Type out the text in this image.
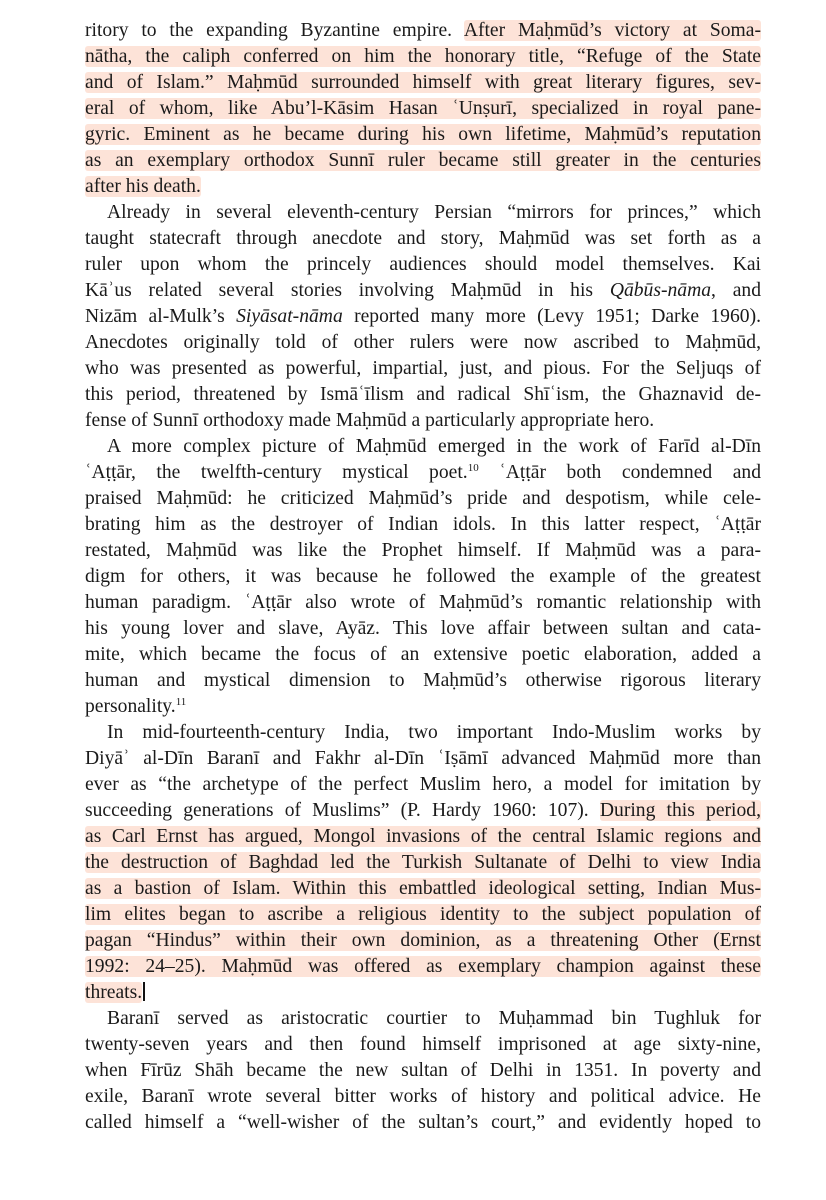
ritory to the expanding Byzantine empire. After Maḥmūd’s victory at Soma-
nātha, the caliph conferred on him the honorary title, “Refuge of the State
and of Islam.” Maḥmūd surrounded himself with great literary figures, sev-
eral of whom, like Abu’l-Kāsim Hasan ʿUnṣurī, specialized in royal pane-
gyric. Eminent as he became during his own lifetime, Maḥmūd’s reputation
as an exemplary orthodox Sunnī ruler became still greater in the centuries
after his death.
Already in several eleventh-century Persian “mirrors for princes,” which
taught statecraft through anecdote and story, Maḥmūd was set forth as a
ruler upon whom the princely audiences should model themselves. Kai
Kāʾus related several stories involving Maḥmūd in his Qābūs-nāma, and
Nizām al-Mulk’s Siyāsat-nāma reported many more (Levy 1951; Darke 1960).
Anecdotes originally told of other rulers were now ascribed to Maḥmūd,
who was presented as powerful, impartial, just, and pious. For the Seljuqs of
this period, threatened by Ismāʿīlism and radical Shīʿism, the Ghaznavid de-
fense of Sunnī orthodoxy made Maḥmūd a particularly appropriate hero.
A more complex picture of Maḥmūd emerged in the work of Farīd al-Dīn
ʿAṭṭār, the twelfth-century mystical poet.$^{10}$ ʿAṭṭār both condemned and
praised Maḥmūd: he criticized Maḥmūd’s pride and despotism, while cele-
brating him as the destroyer of Indian idols. In this latter respect, ʿAṭṭār
restated, Maḥmūd was like the Prophet himself. If Maḥmūd was a para-
digm for others, it was because he followed the example of the greatest
human paradigm. ʿAṭṭār also wrote of Maḥmūd’s romantic relationship with
his young lover and slave, Ayāz. This love affair between sultan and cata-
mite, which became the focus of an extensive poetic elaboration, added a
human and mystical dimension to Maḥmūd’s otherwise rigorous literary
personality.$^{11}$
In mid-fourteenth-century India, two important Indo-Muslim works by
Diyāʾ al-Dīn Baranī and Fakhr al-Dīn ʿIṣāmī advanced Maḥmūd more than
ever as “the archetype of the perfect Muslim hero, a model for imitation by
succeeding generations of Muslims” (P. Hardy 1960: 107). During this period,
as Carl Ernst has argued, Mongol invasions of the central Islamic regions and
the destruction of Baghdad led the Turkish Sultanate of Delhi to view India
as a bastion of Islam. Within this embattled ideological setting, Indian Mus-
lim elites began to ascribe a religious identity to the subject population of
pagan “Hindus” within their own dominion, as a threatening Other (Ernst
1992: 24–25). Maḥmūd was offered as exemplary champion against these
threats.
Baranī served as aristocratic courtier to Muḥammad bin Tughluk for
twenty-seven years and then found himself imprisoned at age sixty-nine,
when Fīrūz Shāh became the new sultan of Delhi in 1351. In poverty and
exile, Baranī wrote several bitter works of history and political advice. He
called himself a “well-wisher of the sultan’s court,” and evidently hoped to
